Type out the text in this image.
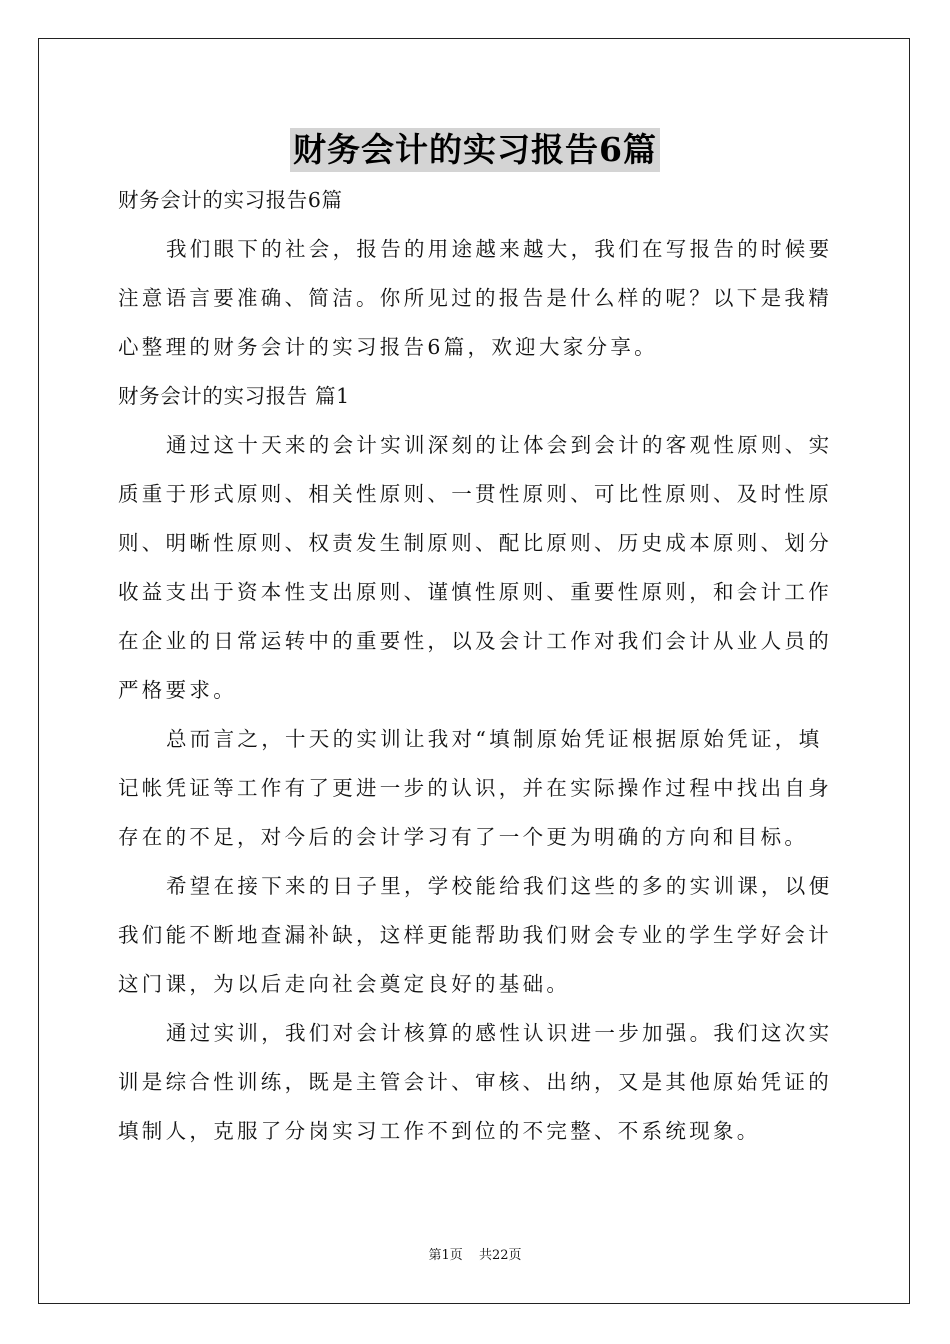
财务会计的实习报告6篇

财务会计的实习报告6篇

我们眼下的社会，报告的用途越来越大，我们在写报告的时候要注意语言要准确、简洁。你所见过的报告是什么样的呢？以下是我精心整理的财务会计的实习报告6篇，欢迎大家分享。

财务会计的实习报告 篇1

通过这十天来的会计实训深刻的让体会到会计的客观性原则、实质重于形式原则、相关性原则、一贯性原则、可比性原则、及时性原则、明晰性原则、权责发生制原则、配比原则、历史成本原则、划分收益支出于资本性支出原则、谨慎性原则、重要性原则，和会计工作在企业的日常运转中的重要性，以及会计工作对我们会计从业人员的严格要求。

总而言之，十天的实训让我对“填制原始凭证根据原始凭证，填记帐凭证等工作有了更进一步的认识，并在实际操作过程中找出自身存在的不足，对今后的会计学习有了一个更为明确的方向和目标。

希望在接下来的日子里，学校能给我们这些的多的实训课，以便我们能不断地查漏补缺，这样更能帮助我们财会专业的学生学好会计这门课，为以后走向社会奠定良好的基础。

通过实训，我们对会计核算的感性认识进一步加强。我们这次实训是综合性训练，既是主管会计、审核、出纳，又是其他原始凭证的填制人，克服了分岗实习工作不到位的不完整、不系统现象。

第1页 共22页
